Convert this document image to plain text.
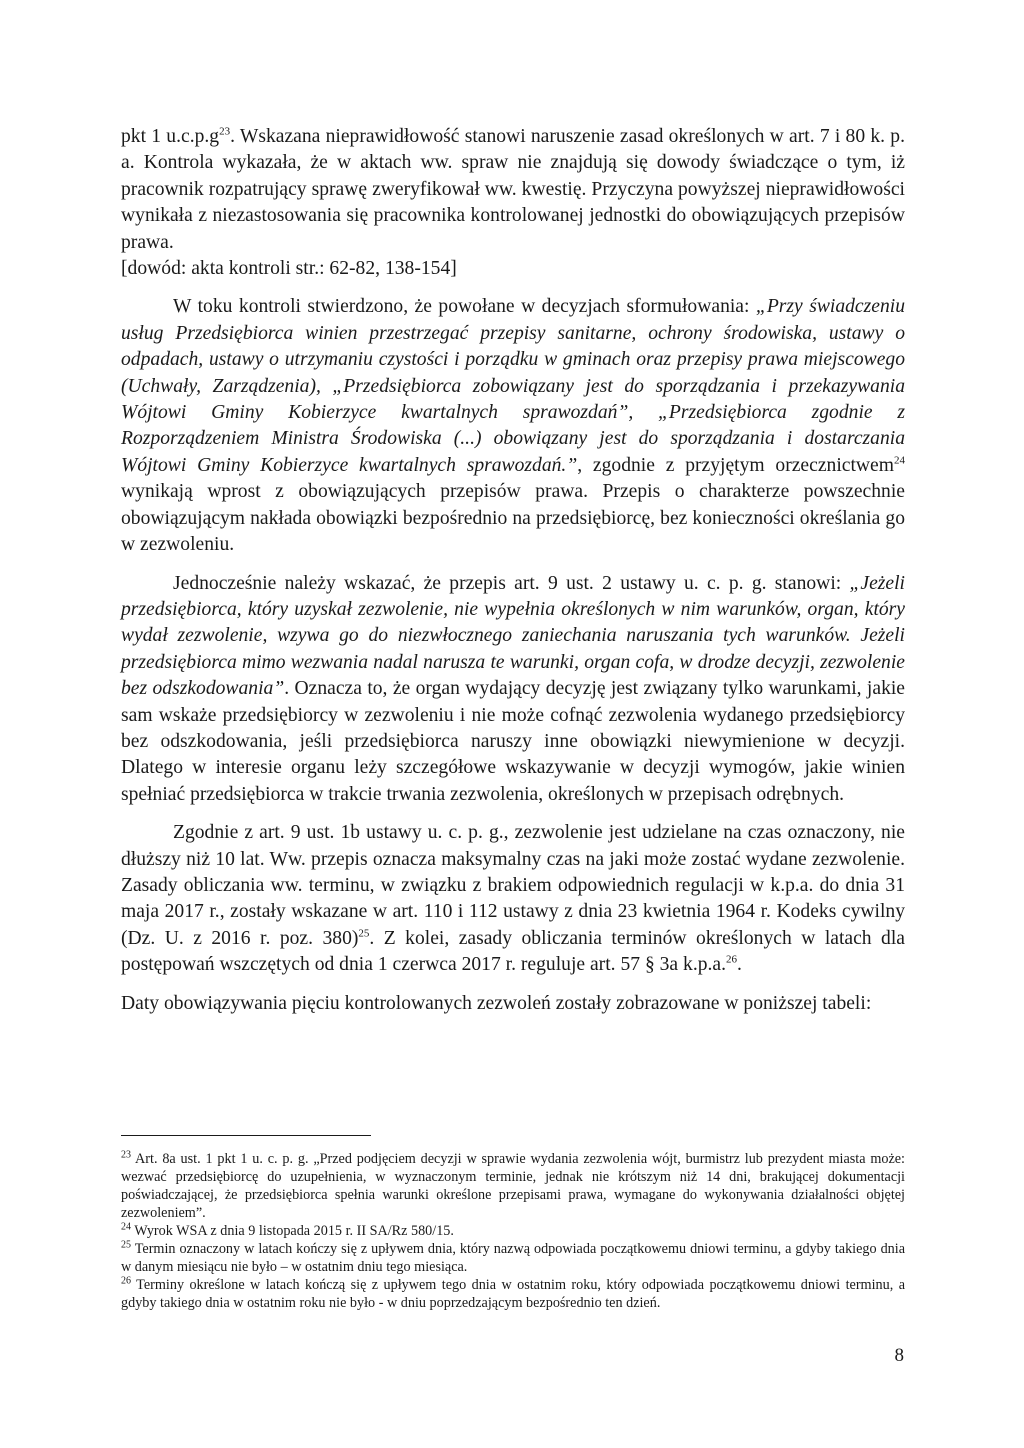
pkt 1 $u.c.p.g^{23}$. Wskazana nieprawidłowość stanowi naruszenie zasad określonych w art. 7 i 80 k. p. a. Kontrola wykazała, że w aktach ww. spraw nie znajdują się dowody świadczące o tym, iż pracownik rozpatrujący sprawę zweryfikował ww. kwestię. Przyczyna powyższej nieprawidłowości wynikała z niezastosowania się pracownika kontrolowanej jednostki do obowiązujących przepisów prawa.

[dowód: akta kontroli str.: 62-82, 138-154]

W toku kontroli stwierdzono, że powołane w decyzjach sformułowania: „Przy świadczeniu usług Przedsiębiorca winien przestrzegać przepisy sanitarne, ochrony środowiska, ustawy o odpadach, ustawy o utrzymaniu czystości i porządku w gminach oraz przepisy prawa miejscowego (Uchwały, Zarządzenia), „Przedsiębiorca zobowiązany jest do sporządzania i przekazywania Wójtowi Gminy Kobierzyce kwartalnych sprawozdań”, „Przedsiębiorca zgodnie z Rozporządzeniem Ministra Środowiska (...) obowiązany jest do sporządzania i dostarczania Wójtowi Gminy Kobierzyce kwartalnych sprawozdań.”, zgodnie z przyjętym orzecznictwem$^{24}$ wynikają wprost z obowiązujących przepisów prawa. Przepis o charakterze powszechnie obowiązującym nakłada obowiązki bezpośrednio na przedsiębiorcę, bez konieczności określania go w zezwoleniu.

Jednocześnie należy wskazać, że przepis art. 9 ust. 2 ustawy u. c. p. g. stanowi: „Jeżeli przedsiębiorca, który uzyskał zezwolenie, nie wypełnia określonych w nim warunków, organ, który wydał zezwolenie, wzywa go do niezwłocznego zaniechania naruszania tych warunków. Jeżeli przedsiębiorca mimo wezwania nadal narusza te warunki, organ cofa, w drodze decyzji, zezwolenie bez odszkodowania”. Oznacza to, że organ wydający decyzję jest związany tylko warunkami, jakie sam wskaże przedsiębiorcy w zezwoleniu i nie może cofnąć zezwolenia wydanego przedsiębiorcy bez odszkodowania, jeśli przedsiębiorca naruszy inne obowiązki niewymienione w decyzji. Dlatego w interesie organu leży szczegółowe wskazywanie w decyzji wymogów, jakie winien spełniać przedsiębiorca w trakcie trwania zezwolenia, określonych w przepisach odrębnych.

Zgodnie z art. 9 ust. 1b ustawy u. c. p. g., zezwolenie jest udzielane na czas oznaczony, nie dłuższy niż 10 lat. Ww. przepis oznacza maksymalny czas na jaki może zostać wydane zezwolenie. Zasady obliczania ww. terminu, w związku z brakiem odpowiednich regulacji w k.p.a. do dnia 31 maja 2017 r., zostały wskazane w art. 110 i 112 ustawy z dnia 23 kwietnia 1964 r. Kodeks cywilny (Dz. U. z 2016 r. poz. 380)$^{25}$. Z kolei, zasady obliczania terminów określonych w latach dla postępowań wszczętych od dnia 1 czerwca 2017 r. reguluje art. 57 § 3a k.p.a.$^{26}$.

Daty obowiązywania pięciu kontrolowanych zezwoleń zostały zobrazowane w poniższej tabeli:

$^{23}$ Art. 8a ust. 1 pkt 1 u. c. p. g. „Przed podjęciem decyzji w sprawie wydania zezwolenia wójt, burmistrz lub prezydent miasta może: wezwać przedsiębiorcę do uzupełnienia, w wyznaczonym terminie, jednak nie krótszym niż 14 dni, brakującej dokumentacji poświadczającej, że przedsiębiorca spełnia warunki określone przepisami prawa, wymagane do wykonywania działalności objętej zezwoleniem”.

$^{24}$ Wyrok WSA z dnia 9 listopada 2015 r. II SA/Rz 580/15.

$^{25}$ Termin oznaczony w latach kończy się z upływem dnia, który nazwą odpowiada początkowemu dniowi terminu, a gdyby takiego dnia w danym miesiącu nie było – w ostatnim dniu tego miesiąca.

$^{26}$ Terminy określone w latach kończą się z upływem tego dnia w ostatnim roku, który odpowiada początkowemu dniowi terminu, a gdyby takiego dnia w ostatnim roku nie było - w dniu poprzedzającym bezpośrednio ten dzień.

8
